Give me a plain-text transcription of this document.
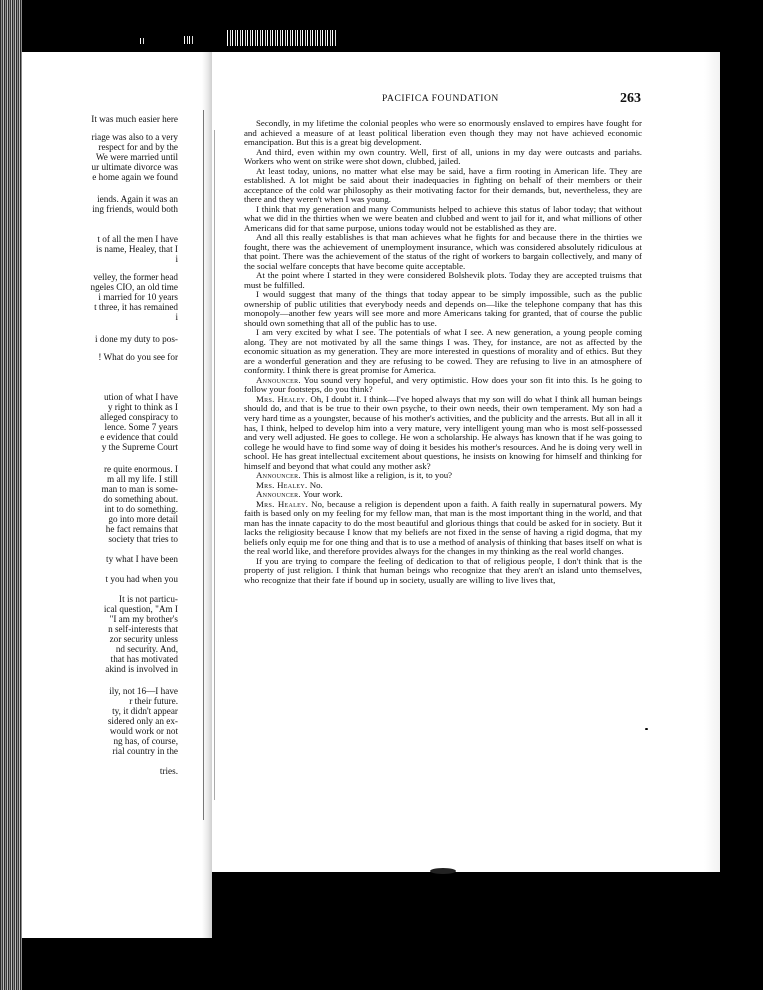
It was much easier here
riage was also to a very
respect for and by the
We were married until
ur ultimate divorce was
e home again we found
iends. Again it was an
ing friends, would both
t of all the men I have
is name, Healey, that I
i
velley, the former head
ngeles CIO, an old time
i married for 10 years
t three, it has remained
i
i done my duty to pos-
! What do you see for
ution of what I have
y right to think as I
alleged conspiracy to
lence. Some 7 years
e evidence that could
y the Supreme Court
re quite enormous. I
m all my life. I still
man to man is some-
do something about.
int to do something.
go into more detail
he fact remains that
society that tries to
ty what I have been
t you had when you
It is not particu-
ical question, "Am I
"I am my brother's
n self-interests that
zor security unless
nd security. And,
that has motivated
akind is involved in
ily, not 16—I have
r their future.
ty, it didn't appear
sidered only an ex-
would work or not
ng has, of course,
rial country in the
tries.
PACIFICA FOUNDATION	263

Secondly, in my lifetime the colonial peoples who were so enormously enslaved to empires have fought for and achieved a measure of at least political liberation even though they may not have achieved economic emancipation. But this is a great big development.

And third, even within my own country. Well, first of all, unions in my day were outcasts and pariahs. Workers who went on strike were shot down, clubbed, jailed.

At least today, unions, no matter what else may be said, have a firm rooting in American life. They are established. A lot might be said about their inadequacies in fighting on behalf of their members or their acceptance of the cold war philosophy as their motivating factor for their demands, but, nevertheless, they are there and they weren't when I was young.

I think that my generation and many Communists helped to achieve this status of labor today; that without what we did in the thirties when we were beaten and clubbed and went to jail for it, and what millions of other Americans did for that same purpose, unions today would not be established as they are.

And all this really establishes is that man achieves what he fights for and because there in the thirties we fought, there was the achievement of unemployment insurance, which was considered absolutely ridiculous at that point. There was the achievement of the status of the right of workers to bargain collectively, and many of the social welfare concepts that have become quite acceptable.

At the point where I started in they were considered Bolshevik plots. Today they are accepted truisms that must be fulfilled.

I would suggest that many of the things that today appear to be simply impossible, such as the public ownership of public utilities that everybody needs and depends on—like the telephone company that has this monopoly—another few years will see more and more Americans taking for granted, that of course the public should own something that all of the public has to use.

I am very excited by what I see. The potentials of what I see. A new generation, a young people coming along. They are not motivated by all the same things I was. They, for instance, are not as affected by the economic situation as my generation. They are more interested in questions of morality and of ethics. But they are a wonderful generation and they are refusing to be cowed. They are refusing to live in an atmosphere of conformity. I think there is great promise for America.

Announcer. You sound very hopeful, and very optimistic. How does your son fit into this. Is he going to follow your footsteps, do you think?

Mrs. Healey. Oh, I doubt it. I think—I've hoped always that my son will do what I think all human beings should do, and that is be true to their own psyche, to their own needs, their own temperament. My son had a very hard time as a youngster, because of his mother's activities, and the publicity and the arrests. But all in all it has, I think, helped to develop him into a very mature, very intelligent young man who is most self-possessed and very well adjusted. He goes to college. He won a scholarship. He always has known that if he was going to college he would have to find some way of doing it besides his mother's resources. And he is doing very well in school. He has great intellectual excitement about questions, he insists on knowing for himself and thinking for himself and beyond that what could any mother ask?

Announcer. This is almost like a religion, is it, to you?

Mrs. Healey. No.

Announcer. Your work.

Mrs. Healey. No, because a religion is dependent upon a faith. A faith really in supernatural powers. My faith is based only on my feeling for my fellow man, that man is the most important thing in the world, and that man has the innate capacity to do the most beautiful and glorious things that could be asked for in society. But it lacks the religiosity because I know that my beliefs are not fixed in the sense of having a rigid dogma, that my beliefs only equip me for one thing and that is to use a method of analysis of thinking that bases itself on what is the real world like, and therefore provides always for the changes in my thinking as the real world changes.

If you are trying to compare the feeling of dedication to that of religious people, I don't think that is the property of just religion. I think that human beings who recognize that they aren't an island unto themselves, who recognize that their fate if bound up in society, usually are willing to live lives that,
